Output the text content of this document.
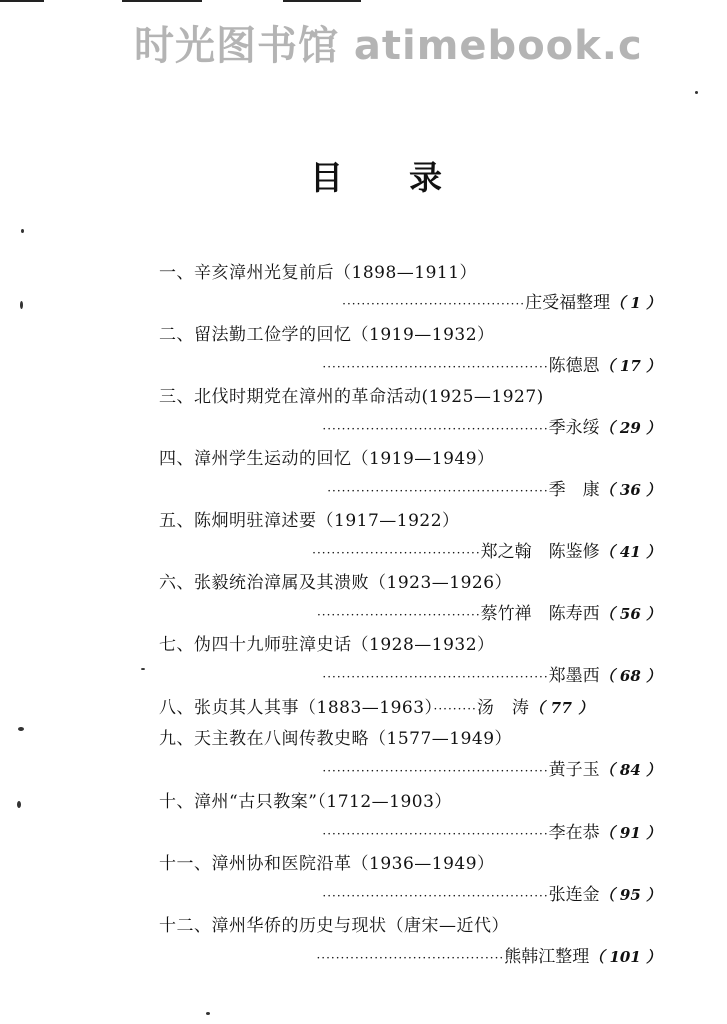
时光图书馆 atimebook.c
目录
一、辛亥漳州光复前后（1898—1911）
······································ 庄受福整理 （ 1 ）
二、留法勤工俭学的回忆（1919—1932）
··············································· 陈德恩 （ 17 ）
三、北伐时期党在漳州的革命活动(1925—1927)
··············································· 季永绥 （ 29 ）
四、漳州学生运动的回忆（1919—1949）
·············································· 季　康 （ 36 ）
五、陈炯明驻漳述要（1917—1922）
··································· 郑之翰　陈鉴修 （ 41 ）
六、张毅统治漳属及其溃败（1923—1926）
·································· 蔡竹禅　陈寿西 （ 56 ）
七、伪四十九师驻漳史话（1928—1932）
··············································· 郑墨西 （ 68 ）
八、张贞其人其事（1883—1963）·········汤　涛（ 77 ）
九、天主教在八闽传教史略（1577—1949）
··············································· 黄子玉 （ 84 ）
十、漳州“古只教案”（1712—1903）
··············································· 李在恭 （ 91 ）
十一、漳州协和医院沿革（1936—1949）
··············································· 张连金 （ 95 ）
十二、漳州华侨的历史与现状（唐宋—近代）
······································· 熊韩江整理 （ 101 ）
